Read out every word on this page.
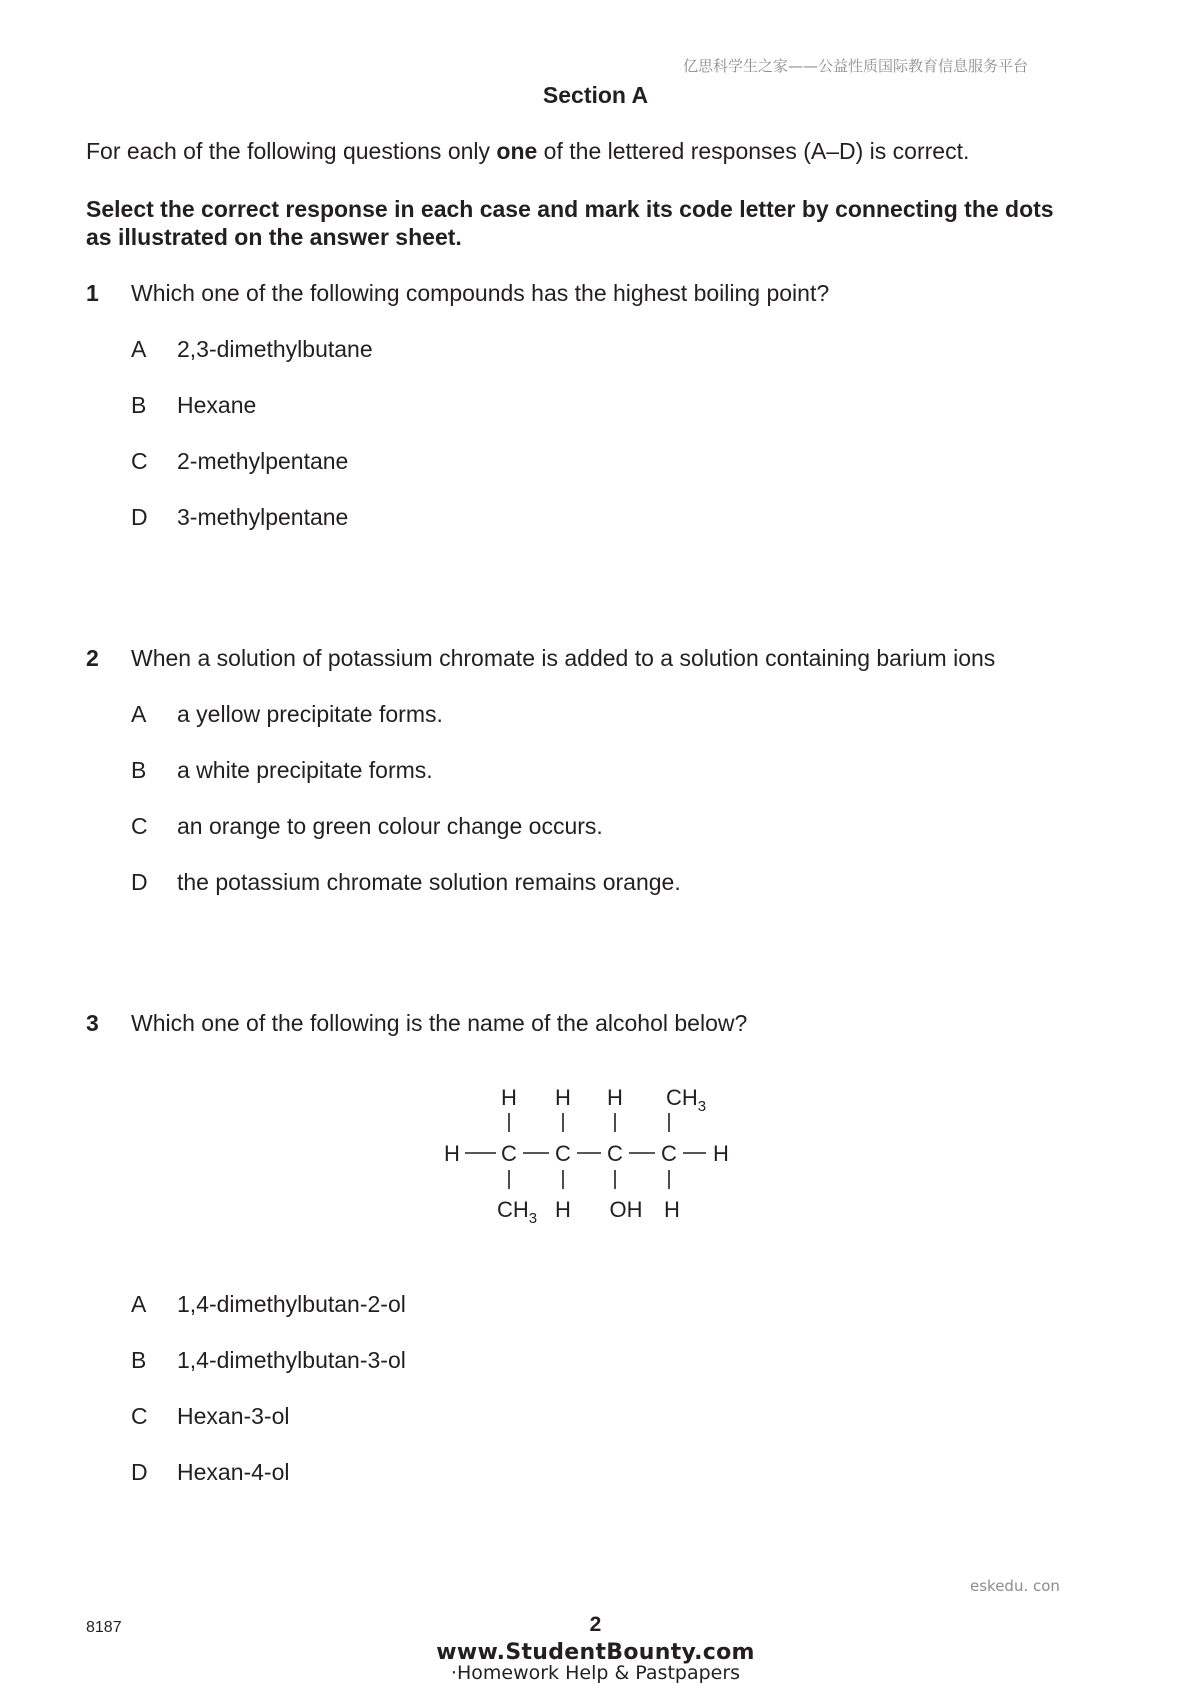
亿思科学生之家——公益性质国际教育信息服务平台
Section A
For each of the following questions only one of the lettered responses (A–D) is correct.
Select the correct response in each case and mark its code letter by connecting the dots
as illustrated on the answer sheet.
1 Which one of the following compounds has the highest boiling point?
A 2,3-dimethylbutane
B Hexane
C 2-methylpentane
D 3-methylpentane
2 When a solution of potassium chromate is added to a solution containing barium ions
A a yellow precipitate forms.
B a white precipitate forms.
C an orange to green colour change occurs.
D the potassium chromate solution remains orange.
3 Which one of the following is the name of the alcohol below?
H H H $CH_3$
H C C C C H
$CH_3$ H OH H
A 1,4-dimethylbutan-2-ol
B 1,4-dimethylbutan-3-ol
C Hexan-3-ol
D Hexan-4-ol
eskedu. con
8187	2
www.StudentBounty.com
·Homework Help & Pastpapers
